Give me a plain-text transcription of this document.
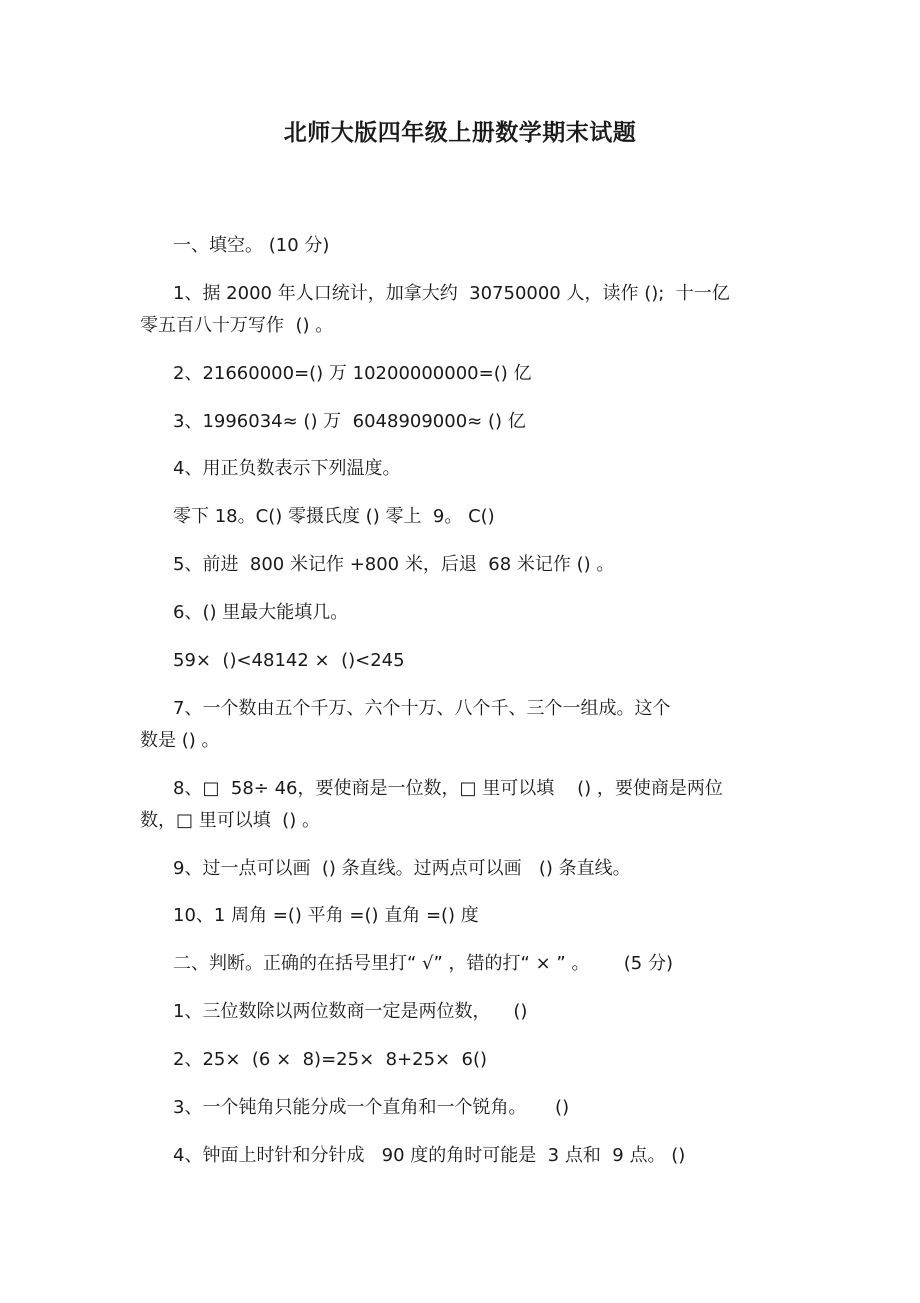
北师大版四年级上册数学期末试题
一、填空。 (10 分)
1、据 2000 年人口统计，加拿大约  30750000 人，读作 ();  十一亿
零五百八十万写作  () 。
2、21660000=() 万 10200000000=() 亿
3、1996034≈ () 万  6048909000≈ () 亿
4、用正负数表示下列温度。
零下 18。C() 零摄氏度 () 零上  9。 C()
5、前进  800 米记作 +800 米，后退  68 米记作 () 。
6、() 里最大能填几。
59×  ()<48142 ×  ()<245
7、一个数由五个千万、六个十万、八个千、三个一组成。这个
数是 () 。
8、□  58÷ 46，要使商是一位数，□ 里可以填    () ，要使商是两位
数，□ 里可以填  () 。
9、过一点可以画  () 条直线。过两点可以画   () 条直线。
10、1 周角 =() 平角 =() 直角 =() 度
二、判断。正确的在括号里打“ √” ，错的打“ × ” 。      (5 分)
1、三位数除以两位数商一定是两位数，    ()
2、25×  (6 ×  8)=25×  8+25×  6()
3、一个钝角只能分成一个直角和一个锐角。     ()
4、钟面上时针和分针成   90 度的角时可能是  3 点和  9 点。 ()
